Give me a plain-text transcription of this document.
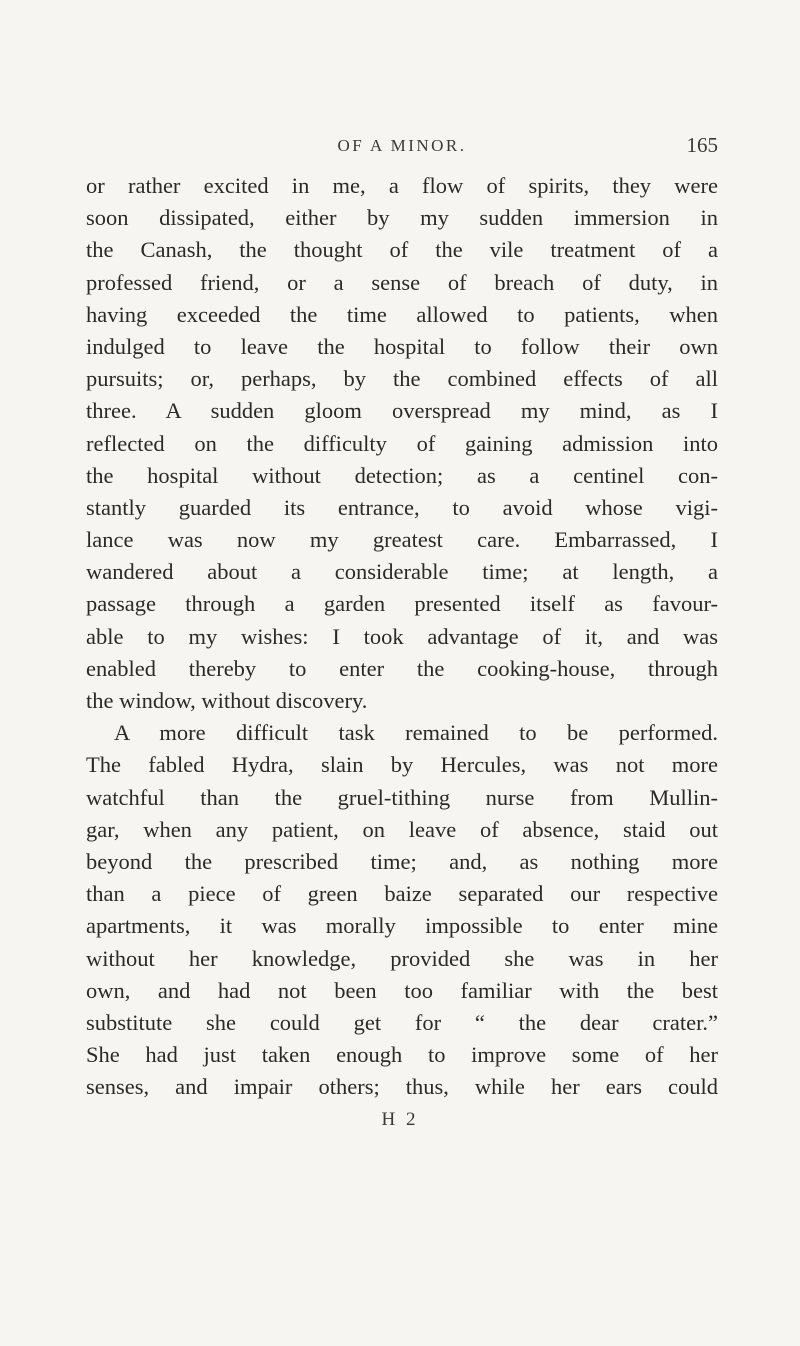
OF A MINOR.	165
or rather excited in me, a flow of spirits, they were
soon dissipated, either by my sudden immersion in
the Canash, the thought of the vile treatment of a
professed friend, or a sense of breach of duty, in
having exceeded the time allowed to patients, when
indulged to leave the hospital to follow their own
pursuits; or, perhaps, by the combined effects of all
three. A sudden gloom overspread my mind, as I
reflected on the difficulty of gaining admission into
the hospital without detection; as a centinel con-
stantly guarded its entrance, to avoid whose vigi-
lance was now my greatest care. Embarrassed, I
wandered about a considerable time; at length, a
passage through a garden presented itself as favour-
able to my wishes: I took advantage of it, and was
enabled thereby to enter the cooking-house, through
the window, without discovery.
A more difficult task remained to be performed.
The fabled Hydra, slain by Hercules, was not more
watchful than the gruel-tithing nurse from Mullin-
gar, when any patient, on leave of absence, staid out
beyond the prescribed time; and, as nothing more
than a piece of green baize separated our respective
apartments, it was morally impossible to enter mine
without her knowledge, provided she was in her
own, and had not been too familiar with the best
substitute she could get for “ the dear crater.”
She had just taken enough to improve some of her
senses, and impair others; thus, while her ears could
H 2
